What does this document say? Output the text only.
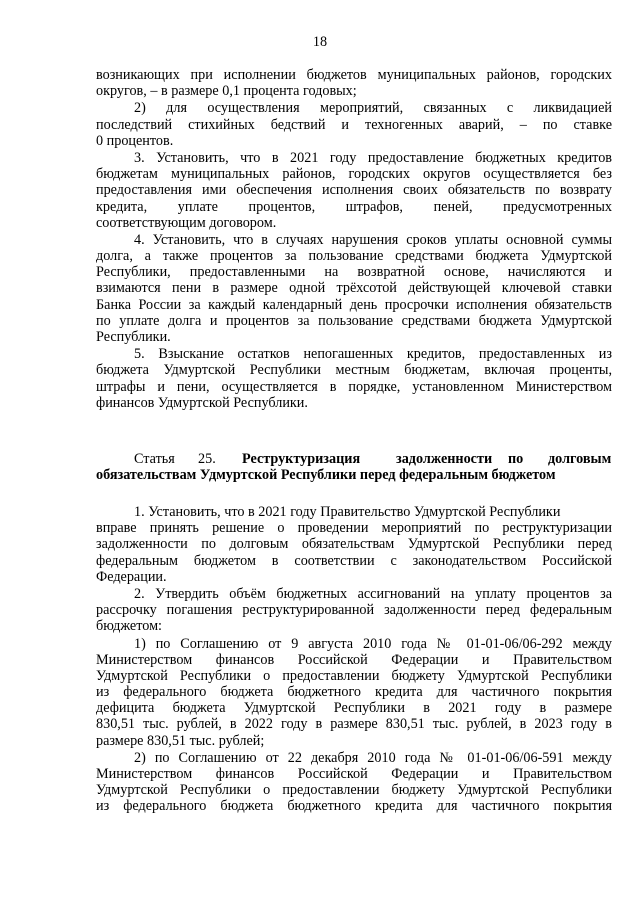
18
возникающих при исполнении бюджетов муниципальных районов, городских
округов, – в размере 0,1 процента годовых;
2) для осуществления мероприятий, связанных с ликвидацией
последствий стихийных бедствий и техногенных аварий, – по ставке
0 процентов.
3. Установить, что в 2021 году предоставление бюджетных кредитов
бюджетам муниципальных районов, городских округов осуществляется без
предоставления ими обеспечения исполнения своих обязательств по возврату
кредита, уплате процентов, штрафов, пеней, предусмотренных
соответствующим договором.
4. Установить, что в случаях нарушения сроков уплаты основной суммы
долга, а также процентов за пользование средствами бюджета Удмуртской
Республики, предоставленными на возвратной основе, начисляются и
взимаются пени в размере одной трёхсотой действующей ключевой ставки
Банка России за каждый календарный день просрочки исполнения обязательств
по уплате долга и процентов за пользование средствами бюджета Удмуртской
Республики.
5. Взыскание остатков непогашенных кредитов, предоставленных из
бюджета Удмуртской Республики местным бюджетам, включая проценты,
штрафы и пени, осуществляется в порядке, установленном Министерством
финансов Удмуртской Республики.
Статья 25. Реструктуризация	задолженности по долговым
обязательствам Удмуртской Республики перед федеральным бюджетом
1. Установить, что в 2021 году Правительство Удмуртской Республики
вправе принять решение о проведении мероприятий по реструктуризации
задолженности по долговым обязательствам Удмуртской Республики перед
федеральным бюджетом в соответствии с законодательством Российской
Федерации.
2. Утвердить объём бюджетных ассигнований на уплату процентов за
рассрочку погашения реструктурированной задолженности перед федеральным
бюджетом:
1) по Соглашению от 9 августа 2010 года № 01-01-06/06-292 между
Министерством финансов Российской Федерации и Правительством
Удмуртской Республики о предоставлении бюджету Удмуртской Республики
из федерального бюджета бюджетного кредита для частичного покрытия
дефицита бюджета Удмуртской Республики в 2021 году в размере
830,51 тыс. рублей, в 2022 году в размере 830,51 тыс. рублей, в 2023 году в
размере 830,51 тыс. рублей;
2) по Соглашению от 22 декабря 2010 года № 01-01-06/06-591 между
Министерством финансов Российской Федерации и Правительством
Удмуртской Республики о предоставлении бюджету Удмуртской Республики
из федерального бюджета бюджетного кредита для частичного покрытия
